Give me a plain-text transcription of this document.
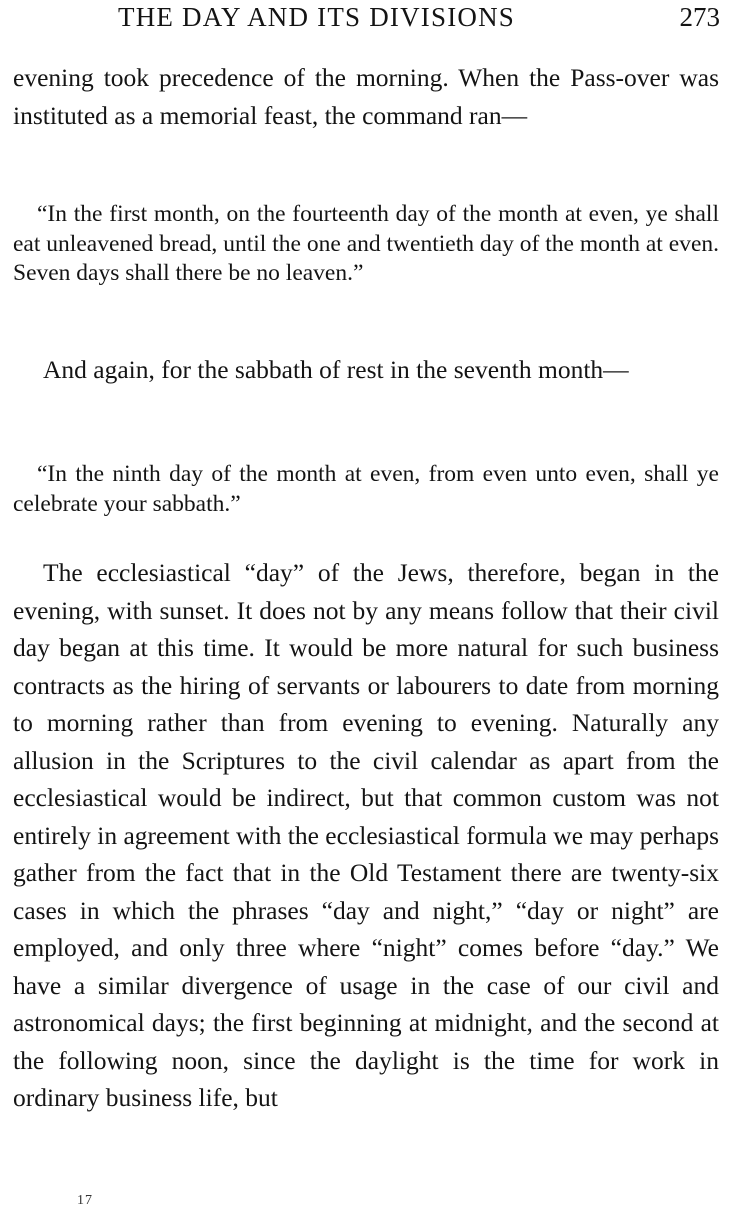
THE DAY AND ITS DIVISIONS	273

evening took precedence of the morning. When the Pass-over was instituted as a memorial feast, the command ran—

“In the first month, on the fourteenth day of the month at even, ye shall eat unleavened bread, until the one and twentieth day of the month at even. Seven days shall there be no leaven.”

And again, for the sabbath of rest in the seventh month—

“In the ninth day of the month at even, from even unto even, shall ye celebrate your sabbath.”

The ecclesiastical “day” of the Jews, therefore, began in the evening, with sunset. It does not by any means follow that their civil day began at this time. It would be more natural for such business contracts as the hiring of servants or labourers to date from morning to morning rather than from evening to evening. Naturally any allusion in the Scriptures to the civil calendar as apart from the ecclesiastical would be indirect, but that common custom was not entirely in agreement with the ecclesiastical formula we may perhaps gather from the fact that in the Old Testament there are twenty-six cases in which the phrases “day and night,” “day or night” are employed, and only three where “night” comes before “day.” We have a similar divergence of usage in the case of our civil and astronomical days; the first beginning at midnight, and the second at the following noon, since the daylight is the time for work in ordinary business life, but

17
